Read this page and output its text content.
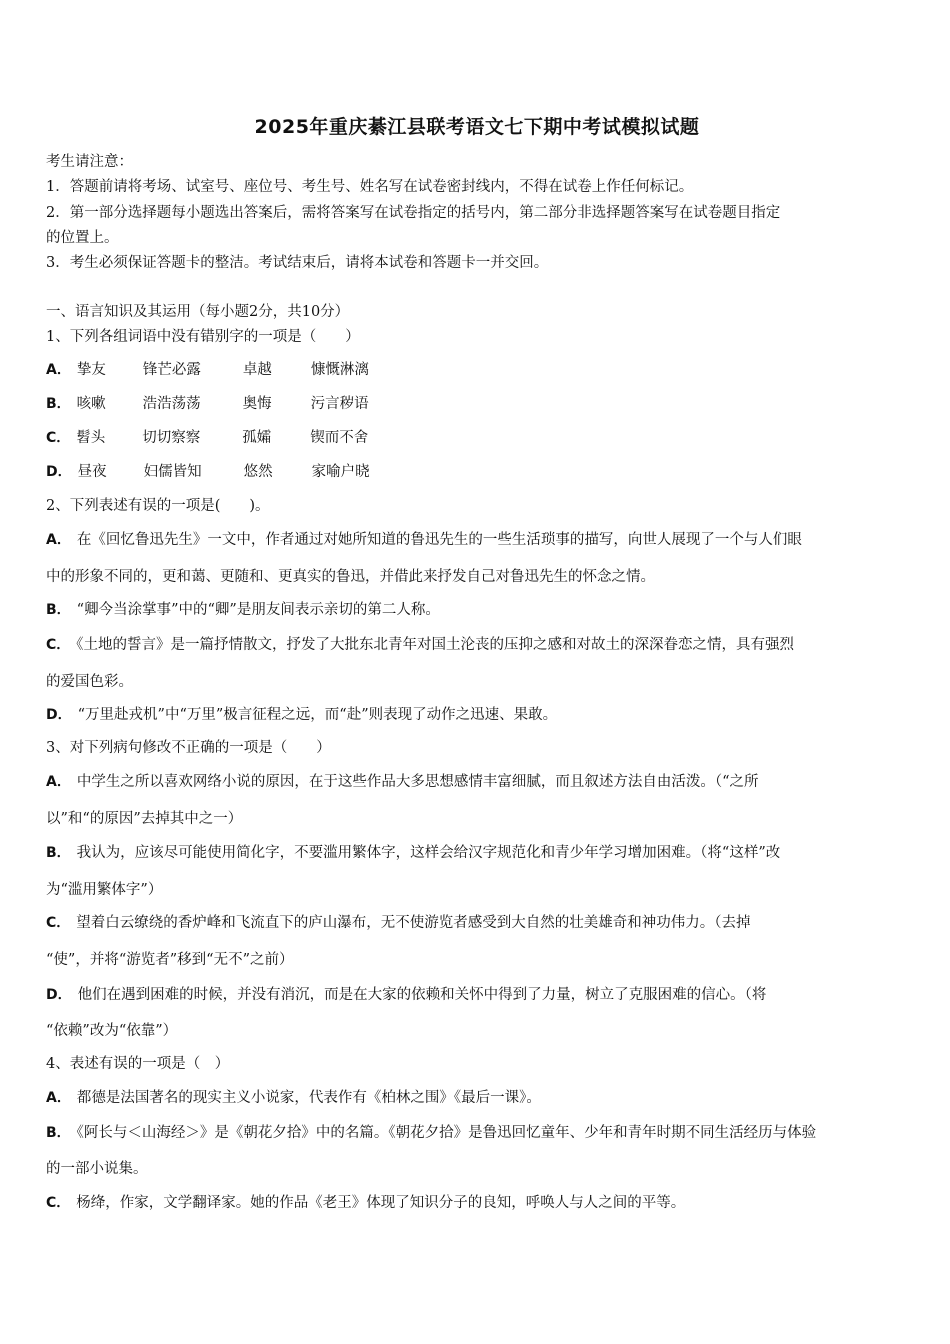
2025年重庆綦江县联考语文七下期中考试模拟试题
考生请注意：
1．答题前请将考场、试室号、座位号、考生号、姓名写在试卷密封线内，不得在试卷上作任何标记。
2．第一部分选择题每小题选出答案后，需将答案写在试卷指定的括号内，第二部分非选择题答案写在试卷题目指定
的位置上。
3．考生必须保证答题卡的整洁。考试结束后，请将本试卷和答题卡一并交回。
一、语言知识及其运用（每小题2分，共10分）
1、下列各组词语中没有错别字的一项是（　　）
A． 挚友	锋芒必露	卓越	慷慨淋漓
B． 咳嗽	浩浩荡荡	奥悔	污言秽语
C． 髫头	切切察察	孤孀	锲而不舍
D． 昼夜	妇儒皆知	悠然	家喻户晓
2、下列表述有误的一项是(　　)。
A． 在《回忆鲁迅先生》一文中，作者通过对她所知道的鲁迅先生的一些生活琐事的描写，向世人展现了一个与人们眼
中的形象不同的，更和蔼、更随和、更真实的鲁迅，并借此来抒发自己对鲁迅先生的怀念之情。
B． “卿今当涂掌事”中的“卿”是朋友间表示亲切的第二人称。
C． 《土地的誓言》是一篇抒情散文，抒发了大批东北青年对国土沦丧的压抑之感和对故土的深深眷恋之情，具有强烈
的爱国色彩。
D． “万里赴戎机”中“万里”极言征程之远，而“赴”则表现了动作之迅速、果敢。
3、对下列病句修改不正确的一项是（　　）
A． 中学生之所以喜欢网络小说的原因，在于这些作品大多思想感情丰富细腻，而且叙述方法自由活泼。（“之所
以”和“的原因”去掉其中之一）
B． 我认为，应该尽可能使用简化字，不要滥用繁体字，这样会给汉字规范化和青少年学习增加困难。（将“这样”改
为“滥用繁体字”）
C． 望着白云缭绕的香炉峰和飞流直下的庐山瀑布，无不使游览者感受到大自然的壮美雄奇和神功伟力。（去掉
“使”，并将“游览者”移到“无不”之前）
D． 他们在遇到困难的时候，并没有消沉，而是在大家的依赖和关怀中得到了力量，树立了克服困难的信心。（将
“依赖”改为“依靠”）
4、表述有误的一项是（　）
A． 都德是法国著名的现实主义小说家，代表作有《柏林之围》《最后一课》。
B． 《阿长与＜山海经＞》是《朝花夕拾》中的名篇。《朝花夕拾》是鲁迅回忆童年、少年和青年时期不同生活经历与体验
的一部小说集。
C． 杨绛，作家，文学翻译家。她的作品《老王》体现了知识分子的良知，呼唤人与人之间的平等。
